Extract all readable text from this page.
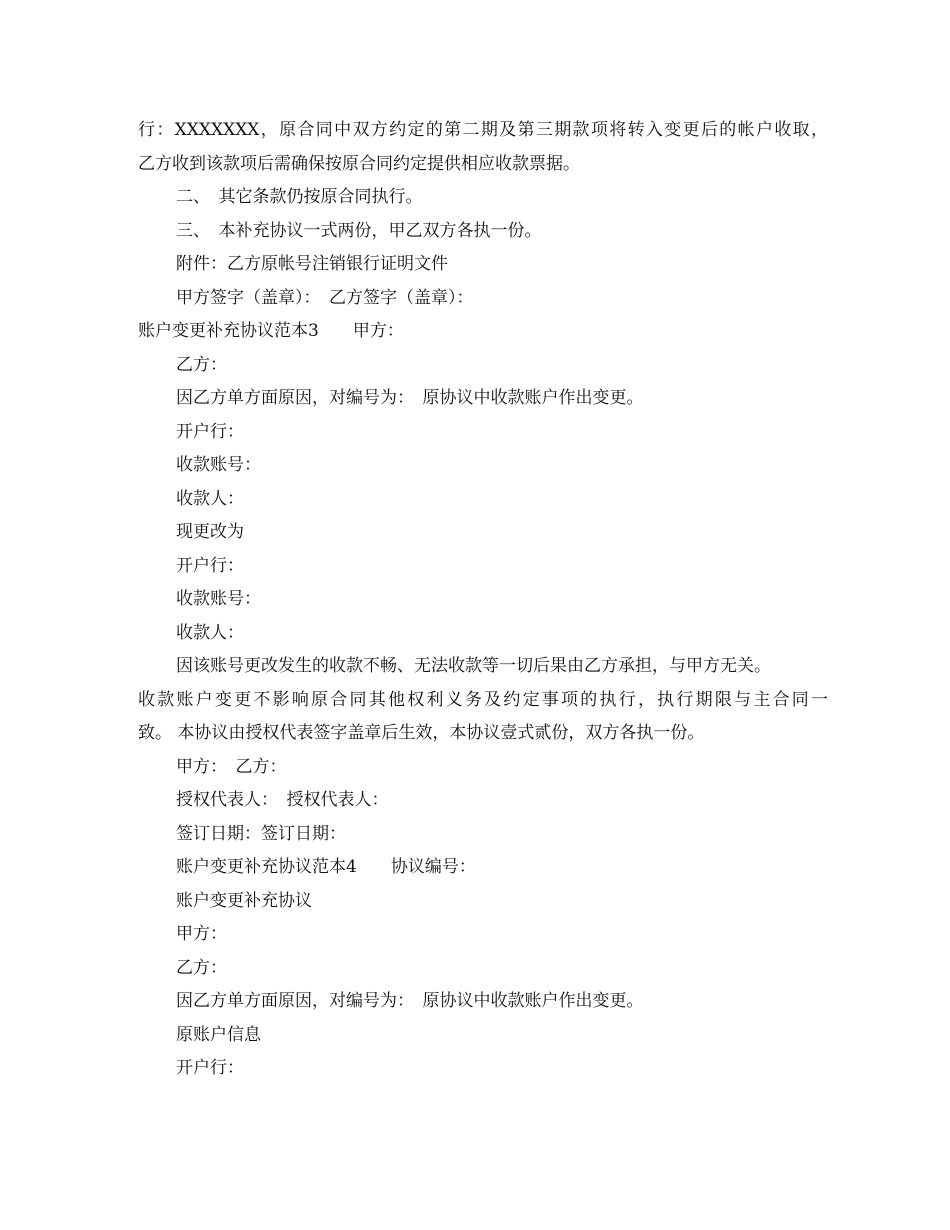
行：XXXXXXX，原合同中双方约定的第二期及第三期款项将转入变更后的帐户收取，
乙方收到该款项后需确保按原合同约定提供相应收款票据。
二、　其它条款仍按原合同执行。
三、　本补充协议一式两份，甲乙双方各执一份。
附件：乙方原帐号注销银行证明文件
甲方签字（盖章）：　乙方签字（盖章）：
账户变更补充协议范本3　　甲方：
乙方：
因乙方单方面原因，对编号为：　原协议中收款账户作出变更。
开户行：
收款账号：
收款人：
现更改为
开户行：
收款账号：
收款人：
因该账号更改发生的收款不畅、无法收款等一切后果由乙方承担，与甲方无关。
收款账户变更不影响原合同其他权利义务及约定事项的执行，执行期限与主合同一
致。 本协议由授权代表签字盖章后生效，本协议壹式贰份，双方各执一份。
甲方：　乙方：
授权代表人：　授权代表人：
签订日期：签订日期：
账户变更补充协议范本4　　协议编号：
账户变更补充协议
甲方：
乙方：
因乙方单方面原因，对编号为：　原协议中收款账户作出变更。
原账户信息
开户行：
